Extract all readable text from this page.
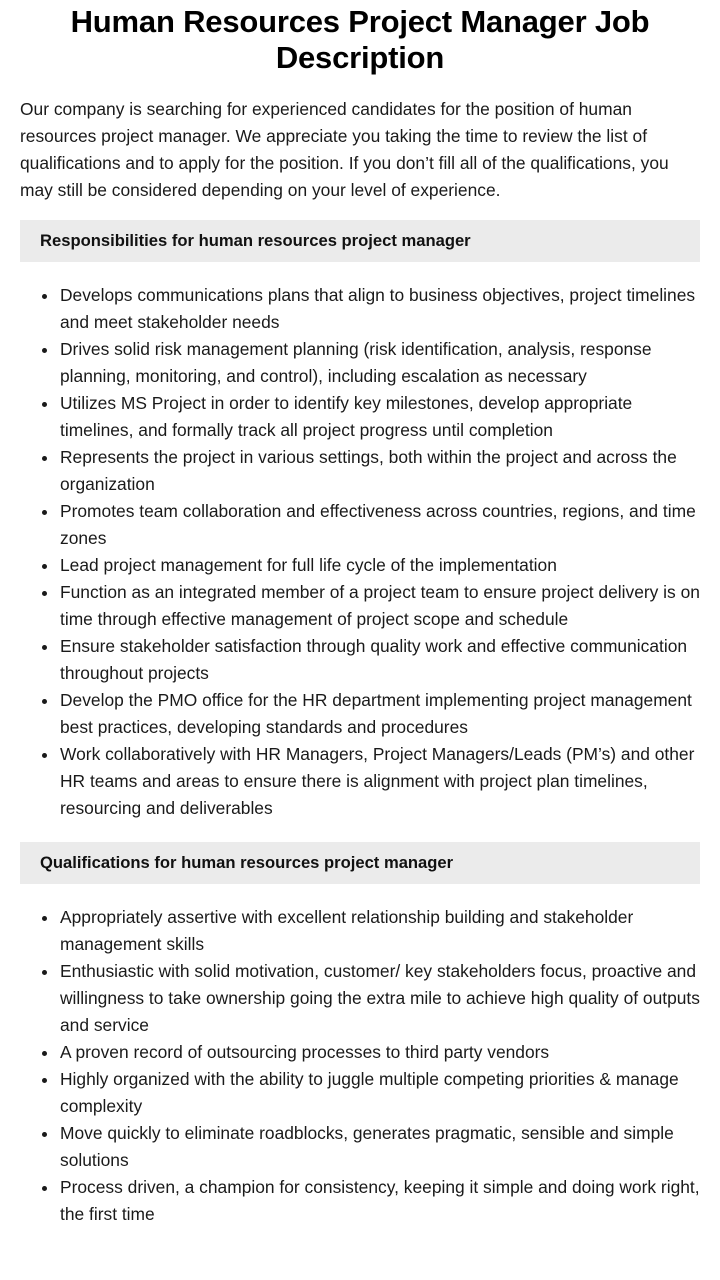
Human Resources Project Manager Job Description

Our company is searching for experienced candidates for the position of human resources project manager. We appreciate you taking the time to review the list of qualifications and to apply for the position. If you don’t fill all of the qualifications, you may still be considered depending on your level of experience.

Responsibilities for human resources project manager
Develops communications plans that align to business objectives, project timelines and meet stakeholder needs
Drives solid risk management planning (risk identification, analysis, response planning, monitoring, and control), including escalation as necessary
Utilizes MS Project in order to identify key milestones, develop appropriate timelines, and formally track all project progress until completion
Represents the project in various settings, both within the project and across the organization
Promotes team collaboration and effectiveness across countries, regions, and time zones
Lead project management for full life cycle of the implementation
Function as an integrated member of a project team to ensure project delivery is on time through effective management of project scope and schedule
Ensure stakeholder satisfaction through quality work and effective communication throughout projects
Develop the PMO office for the HR department implementing project management best practices, developing standards and procedures
Work collaboratively with HR Managers, Project Managers/Leads (PM’s) and other HR teams and areas to ensure there is alignment with project plan timelines, resourcing and deliverables
Qualifications for human resources project manager
Appropriately assertive with excellent relationship building and stakeholder management skills
Enthusiastic with solid motivation, customer/ key stakeholders focus, proactive and willingness to take ownership going the extra mile to achieve high quality of outputs and service
A proven record of outsourcing processes to third party vendors
Highly organized with the ability to juggle multiple competing priorities & manage complexity
Move quickly to eliminate roadblocks, generates pragmatic, sensible and simple solutions
Process driven, a champion for consistency, keeping it simple and doing work right, the first time
